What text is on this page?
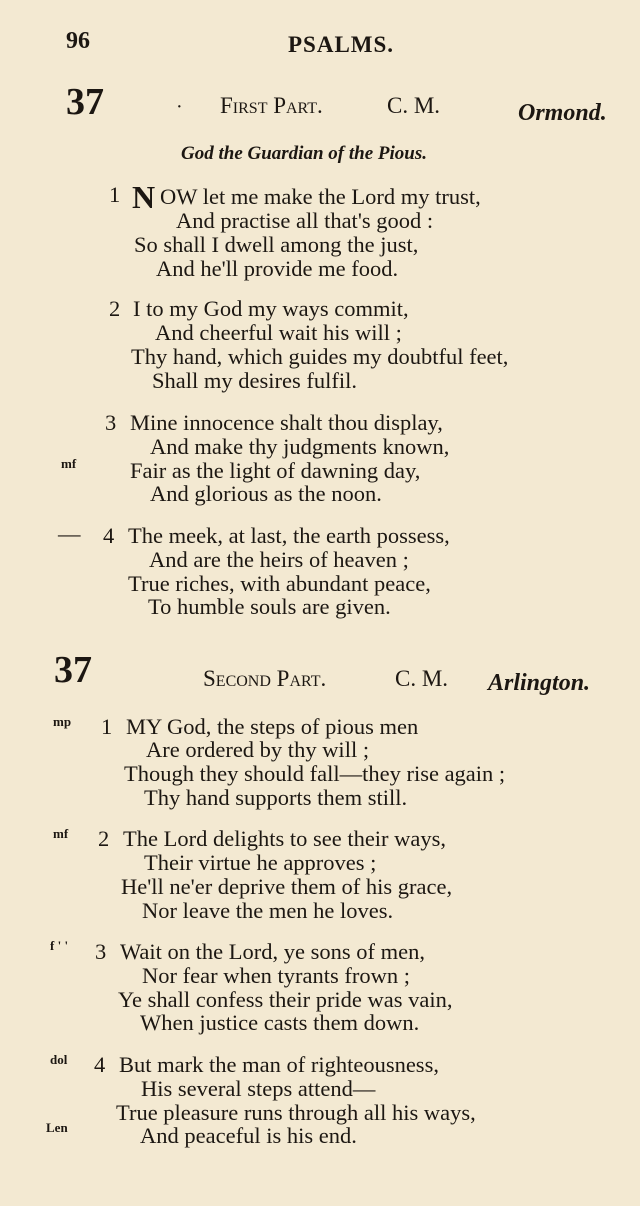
96	PSALMS.
37	· First Part.	C. M.	Ormond.
God the Guardian of the Pious.
1 N OW let me make the Lord my trust,
And practise all that's good :
So shall I dwell among the just,
And he'll provide me food.
2 I to my God my ways commit,
And cheerful wait his will ;
Thy hand, which guides my doubtful feet,
Shall my desires fulfil.
3 Mine innocence shalt thou display,
And make thy judgments known,
mf Fair as the light of dawning day,
And glorious as the noon.
— 4 The meek, at last, the earth possess,
And are the heirs of heaven ;
True riches, with abundant peace,
To humble souls are given.
37	Second Part.	C. M. Arlington.
mp 1 MY God, the steps of pious men
Are ordered by thy will ;
Though they should fall—they rise again ;
Thy hand supports them still.
mf 2 The Lord delights to see their ways,
Their virtue he approves ;
He'll ne'er deprive them of his grace,
Nor leave the men he loves.
f ' ' 3 Wait on the Lord, ye sons of men,
Nor fear when tyrants frown ;
Ye shall confess their pride was vain,
When justice casts them down.
dol 4 But mark the man of righteousness,
His several steps attend—
True pleasure runs through all his ways,
Len	And peaceful is his end.
